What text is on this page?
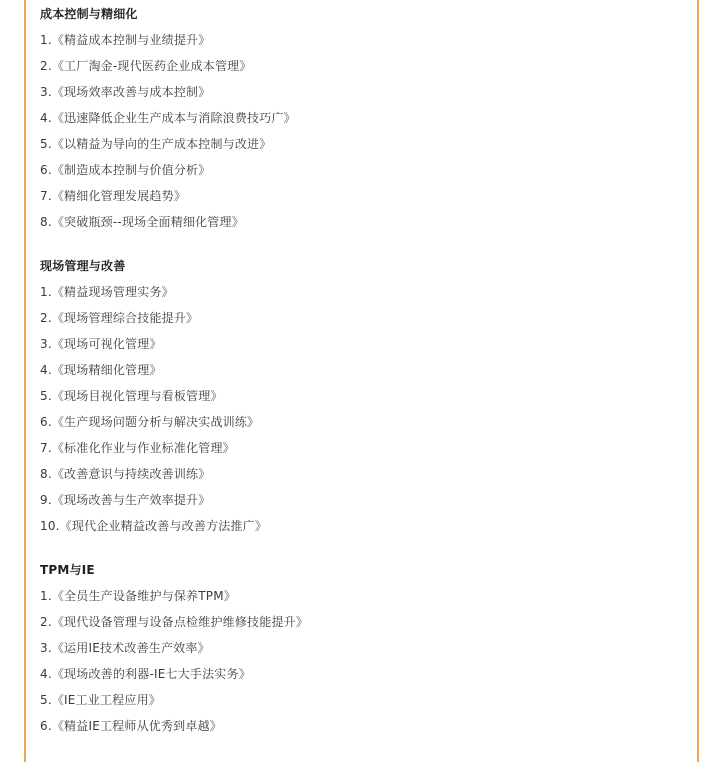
成本控制与精细化
1.《精益成本控制与业绩提升》
2.《工厂淘金-现代医药企业成本管理》
3.《现场效率改善与成本控制》
4.《迅速降低企业生产成本与消除浪费技巧广》
5.《以精益为导向的生产成本控制与改进》
6.《制造成本控制与价值分析》
7.《精细化管理发展趋势》
8.《突破瓶颈--现场全面精细化管理》
现场管理与改善
1.《精益现场管理实务》
2.《现场管理综合技能提升》
3.《现场可视化管理》
4.《现场精细化管理》
5.《现场目视化管理与看板管理》
6.《生产现场问题分析与解决实战训练》
7.《标准化作业与作业标准化管理》
8.《改善意识与持续改善训练》
9.《现场改善与生产效率提升》
10.《现代企业精益改善与改善方法推广》
TPM与IE
1.《全员生产设备维护与保养TPM》
2.《现代设备管理与设备点检维护维修技能提升》
3.《运用IE技术改善生产效率》
4.《现场改善的利器-IE七大手法实务》
5.《IE工业工程应用》
6.《精益IE工程师从优秀到卓越》
